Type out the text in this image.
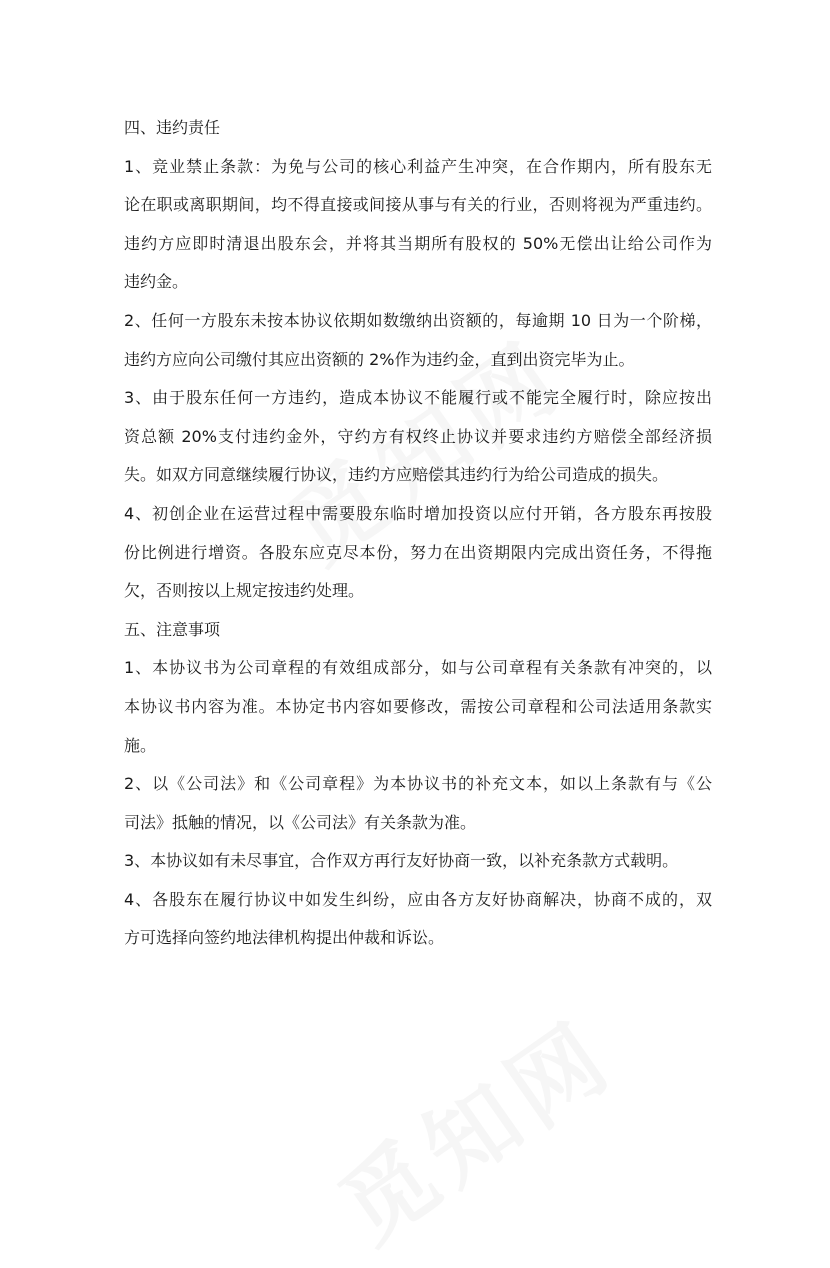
四、违约责任
1、竞业禁止条款：为免与公司的核心利益产生冲突，在合作期内，所有股东无
论在职或离职期间，均不得直接或间接从事与有关的行业，否则将视为严重违约。
违约方应即时清退出股东会，并将其当期所有股权的 50%无偿出让给公司作为
违约金。
2、任何一方股东未按本协议依期如数缴纳出资额的，每逾期 10 日为一个阶梯，
违约方应向公司缴付其应出资额的 2%作为违约金，直到出资完毕为止。
3、由于股东任何一方违约，造成本协议不能履行或不能完全履行时，除应按出
资总额 20%支付违约金外，守约方有权终止协议并要求违约方赔偿全部经济损
失。如双方同意继续履行协议，违约方应赔偿其违约行为给公司造成的损失。
4、初创企业在运营过程中需要股东临时增加投资以应付开销，各方股东再按股
份比例进行增资。各股东应克尽本份，努力在出资期限内完成出资任务，不得拖
欠，否则按以上规定按违约处理。
五、注意事项
1、本协议书为公司章程的有效组成部分，如与公司章程有关条款有冲突的，以
本协议书内容为准。本协定书内容如要修改，需按公司章程和公司法适用条款实
施。
2、以《公司法》和《公司章程》为本协议书的补充文本，如以上条款有与《公
司法》抵触的情况，以《公司法》有关条款为准。
3、本协议如有未尽事宜，合作双方再行友好协商一致，以补充条款方式载明。
4、各股东在履行协议中如发生纠纷，应由各方友好协商解决，协商不成的，双
方可选择向签约地法律机构提出仲裁和诉讼。
